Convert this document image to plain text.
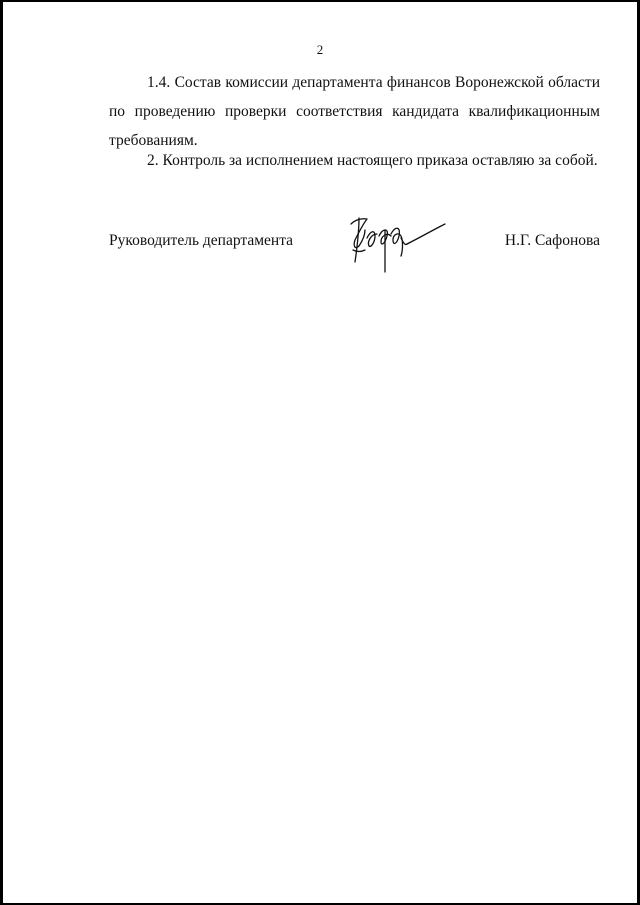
2
1.4. Состав комиссии департамента финансов Воронежской области
по проведению проверки соответствия кандидата квалификационным
требованиям.
2. Контроль за исполнением настоящего приказа оставляю за собой.
Руководитель департамента	Н.Г. Сафонова
